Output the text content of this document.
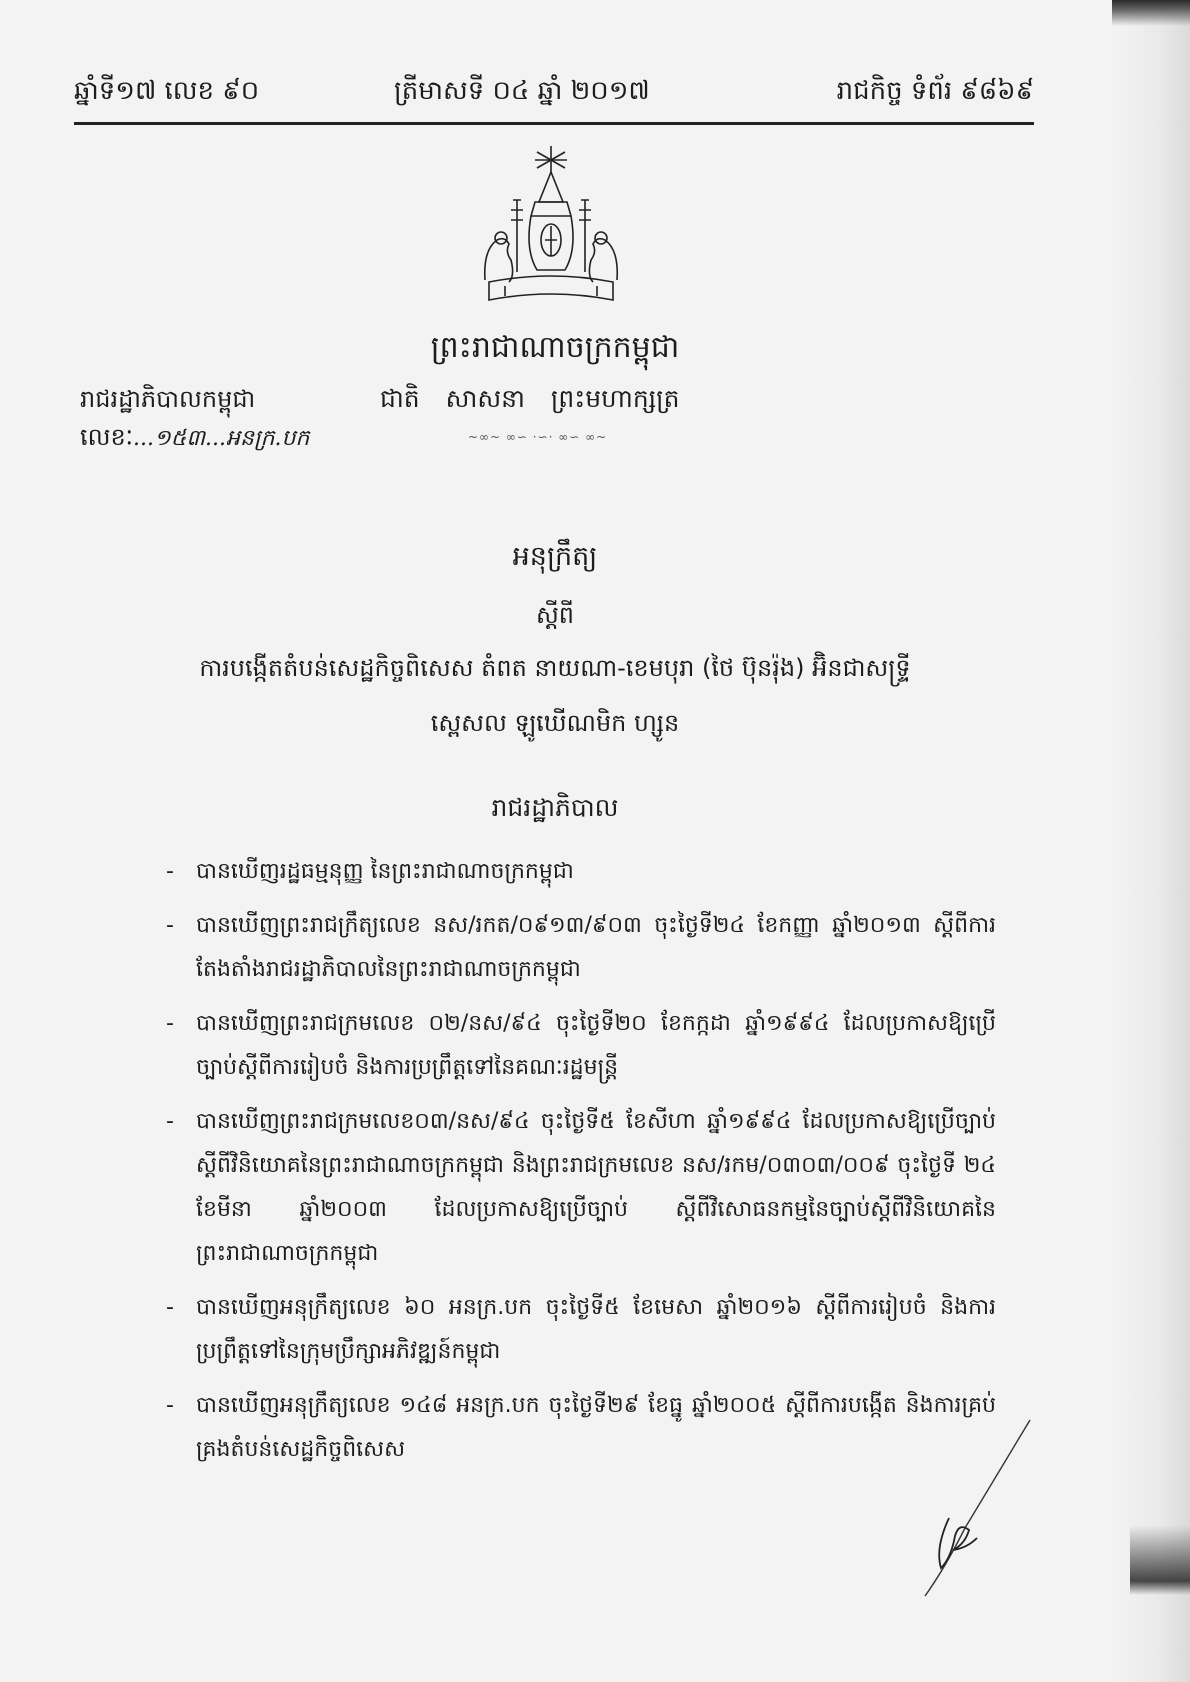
ឆ្នាំទី១៧ លេខ ៩០	ត្រីមាសទី ០៤ ឆ្នាំ ២០១៧	រាជកិច្ច ទំព័រ ៩៨៦៩
ព្រះរាជាណាចក្រកម្ពុជា
រាជរដ្ឋាភិបាលកម្ពុជា	ជាតិ សាសនា ព្រះមហាក្សត្រ
លេខៈ...១៥៣...អនក្រ.បក	~∞~ ∞∽ ·∽· ∞∽ ∞~
អនុក្រឹត្យ
ស្តីពី
ការបង្កើតតំបន់សេដ្ឋកិច្ចពិសេស តំពត នាយណា-ខេមបុរា (ថៃ ប៊ុនរ៉ុង) អ៊ិនជាសទ្រ្ទី
ស្ពេសល ឡូឃើណមិក ហ្សូន
រាជរដ្ឋាភិបាល
- បានឃើញរដ្ឋធម្មនុញ្ញ នៃព្រះរាជាណាចក្រកម្ពុជា
- បានឃើញព្រះរាជក្រឹត្យលេខ នស/រកត/០៩១៣/៩០៣ ចុះថ្ងៃទី២៤ ខែកញ្ញា ឆ្នាំ២០១៣ ស្តីពីការតែងតាំងរាជរដ្ឋាភិបាលនៃព្រះរាជាណាចក្រកម្ពុជា
- បានឃើញព្រះរាជក្រមលេខ ០២/នស/៩៤ ចុះថ្ងៃទី២០ ខែកក្កដា ឆ្នាំ១៩៩៤ ដែលប្រកាសឱ្យប្រើច្បាប់ស្តីពីការរៀបចំ និងការប្រព្រឹត្តទៅនៃគណៈរដ្ឋមន្ត្រី
- បានឃើញព្រះរាជក្រមលេខ០៣/នស/៩៤ ចុះថ្ងៃទី៥ ខែសីហា ឆ្នាំ១៩៩៤ ដែលប្រកាសឱ្យប្រើច្បាប់ស្តីពីវិនិយោគនៃព្រះរាជាណាចក្រកម្ពុជា និងព្រះរាជក្រមលេខ នស/រកម/០៣០៣/០០៩ ចុះថ្ងៃទី ២៤ ខែមីនា ឆ្នាំ២០០៣ ដែលប្រកាសឱ្យប្រើច្បាប់ ស្តីពីវិសោធនកម្មនៃច្បាប់ស្តីពីវិនិយោគនៃព្រះរាជាណាចក្រកម្ពុជា
- បានឃើញអនុក្រឹត្យលេខ ៦០ អនក្រ.បក ចុះថ្ងៃទី៥ ខែមេសា ឆ្នាំ២០១៦ ស្តីពីការរៀបចំ និងការប្រព្រឹត្តទៅនៃក្រុមប្រឹក្សាអភិវឌ្ឍន៍កម្ពុជា
- បានឃើញអនុក្រឹត្យលេខ ១៤៨ អនក្រ.បក ចុះថ្ងៃទី២៩ ខែធ្នូ ឆ្នាំ២០០៥ ស្តីពីការបង្កើត និងការគ្រប់គ្រងតំបន់សេដ្ឋកិច្ចពិសេស
